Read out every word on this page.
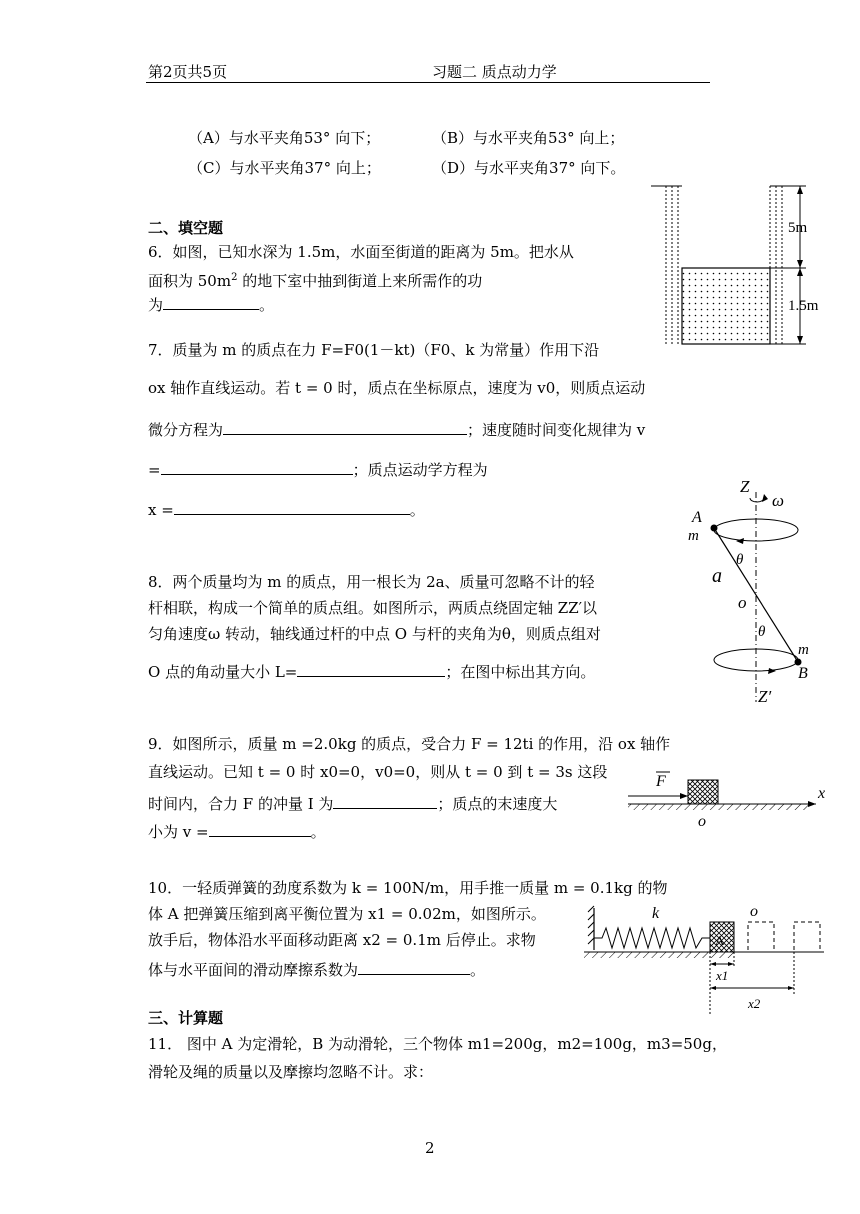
第2页共5页	习题二 质点动力学
（A）与水平夹角53° 向下；	（B）与水平夹角53° 向上；
（C）与水平夹角37° 向上；	（D）与水平夹角37° 向下。
二、填空题
6．如图，已知水深为 1.5m，水面至街道的距离为 5m。把水从
面积为 $50m^2$ 的地下室中抽到街道上来所需作的功
为	。
5m
1.5m
7．质量为 m 的质点在力 F=F0(1－kt)（F0、k 为常量）作用下沿
ox 轴作直线运动。若 t = 0 时，质点在坐标原点，速度为 v0，则质点运动
微分方程为	；速度随时间变化规律为 v
=	；质点运动学方程为
x =	。
Z
ω
A
m
θ
a
o
θ
m
B
Z′
8．两个质量均为 m 的质点，用一根长为 2a、质量可忽略不计的轻
杆相联，构成一个简单的质点组。如图所示，两质点绕固定轴 ZZ′以
匀角速度ω 转动，轴线通过杆的中点 O 与杆的夹角为θ，则质点组对
O 点的角动量大小 L=	；在图中标出其方向。
9．如图所示，质量 m =2.0kg 的质点，受合力 F = 12ti 的作用，沿 ox 轴作
直线运动。已知 t = 0 时 x0=0，v0=0，则从 t = 0 到 t = 3s 这段
时间内，合力 F 的冲量 I 为	；质点的末速度大
小为 v =	。
F
x
o
10．一轻质弹簧的劲度系数为 k = 100N/m，用手推一质量 m = 0.1kg 的物
体 A 把弹簧压缩到离平衡位置为 x1 = 0.02m，如图所示。
放手后，物体沿水平面移动距离 x2 = 0.1m 后停止。求物
体与水平面间的滑动摩擦系数为	。
k
A
o
x1
x2
三、计算题
11． 图中 A 为定滑轮，B 为动滑轮，三个物体 m1=200g，m2=100g，m3=50g，
滑轮及绳的质量以及摩擦均忽略不计。求：
2
